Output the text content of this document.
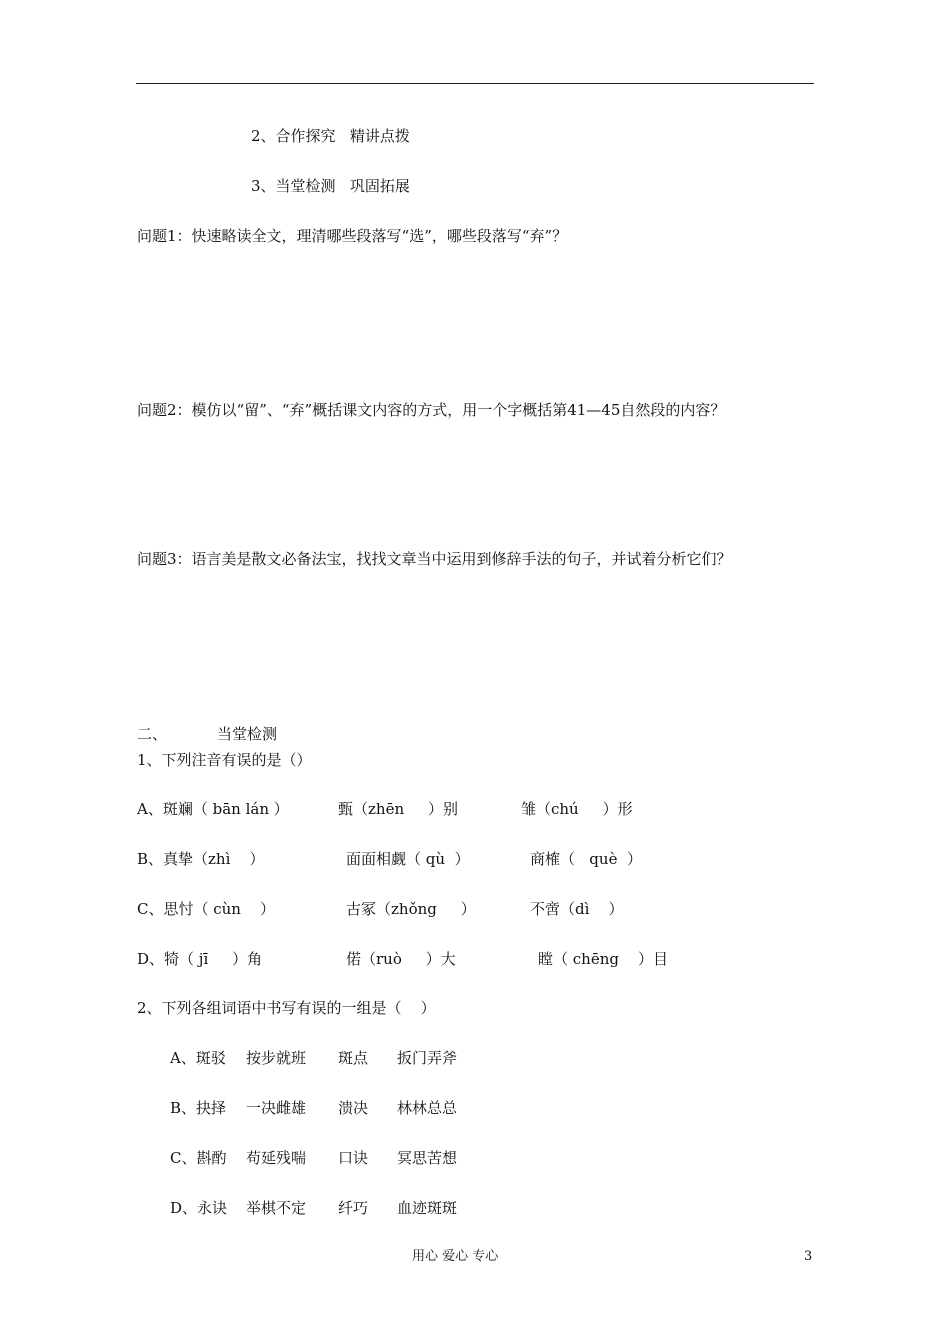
2、合作探究   精讲点拨
3、当堂检测   巩固拓展
问题1：快速略读全文，理清哪些段落写“选”，哪些段落写“弃”？
问题2：模仿以“留”、“弃”概括课文内容的方式，用一个字概括第41—45自然段的内容？
问题3：语言美是散文必备法宝，找找文章当中运用到修辞手法的句子，并试着分析它们？
二、	当堂检测
1、下列注音有误的是（）
A、斑斓（ bān lán ）	甄（zhēn     ）别	雏（chú     ）形
B、真挚（zhì    ）	面面相觑（ qù  ）	商榷（   què  ）
C、思忖（ cùn    ）	古冢（zhǒng     ）	不啻（dì    ）
D、犄（ jī     ）角	偌（ruò     ）大	瞠（ chēng    ）目
2、下列各组词语中书写有误的一组是（    ）
A、斑驳 按步就班 斑点 扳门弄斧
B、抉择 一决雌雄 溃决 林林总总
C、斟酌 苟延残喘 口诀 冥思苦想
D、永诀 举棋不定 纤巧 血迹斑斑
用心 爱心 专心	3
